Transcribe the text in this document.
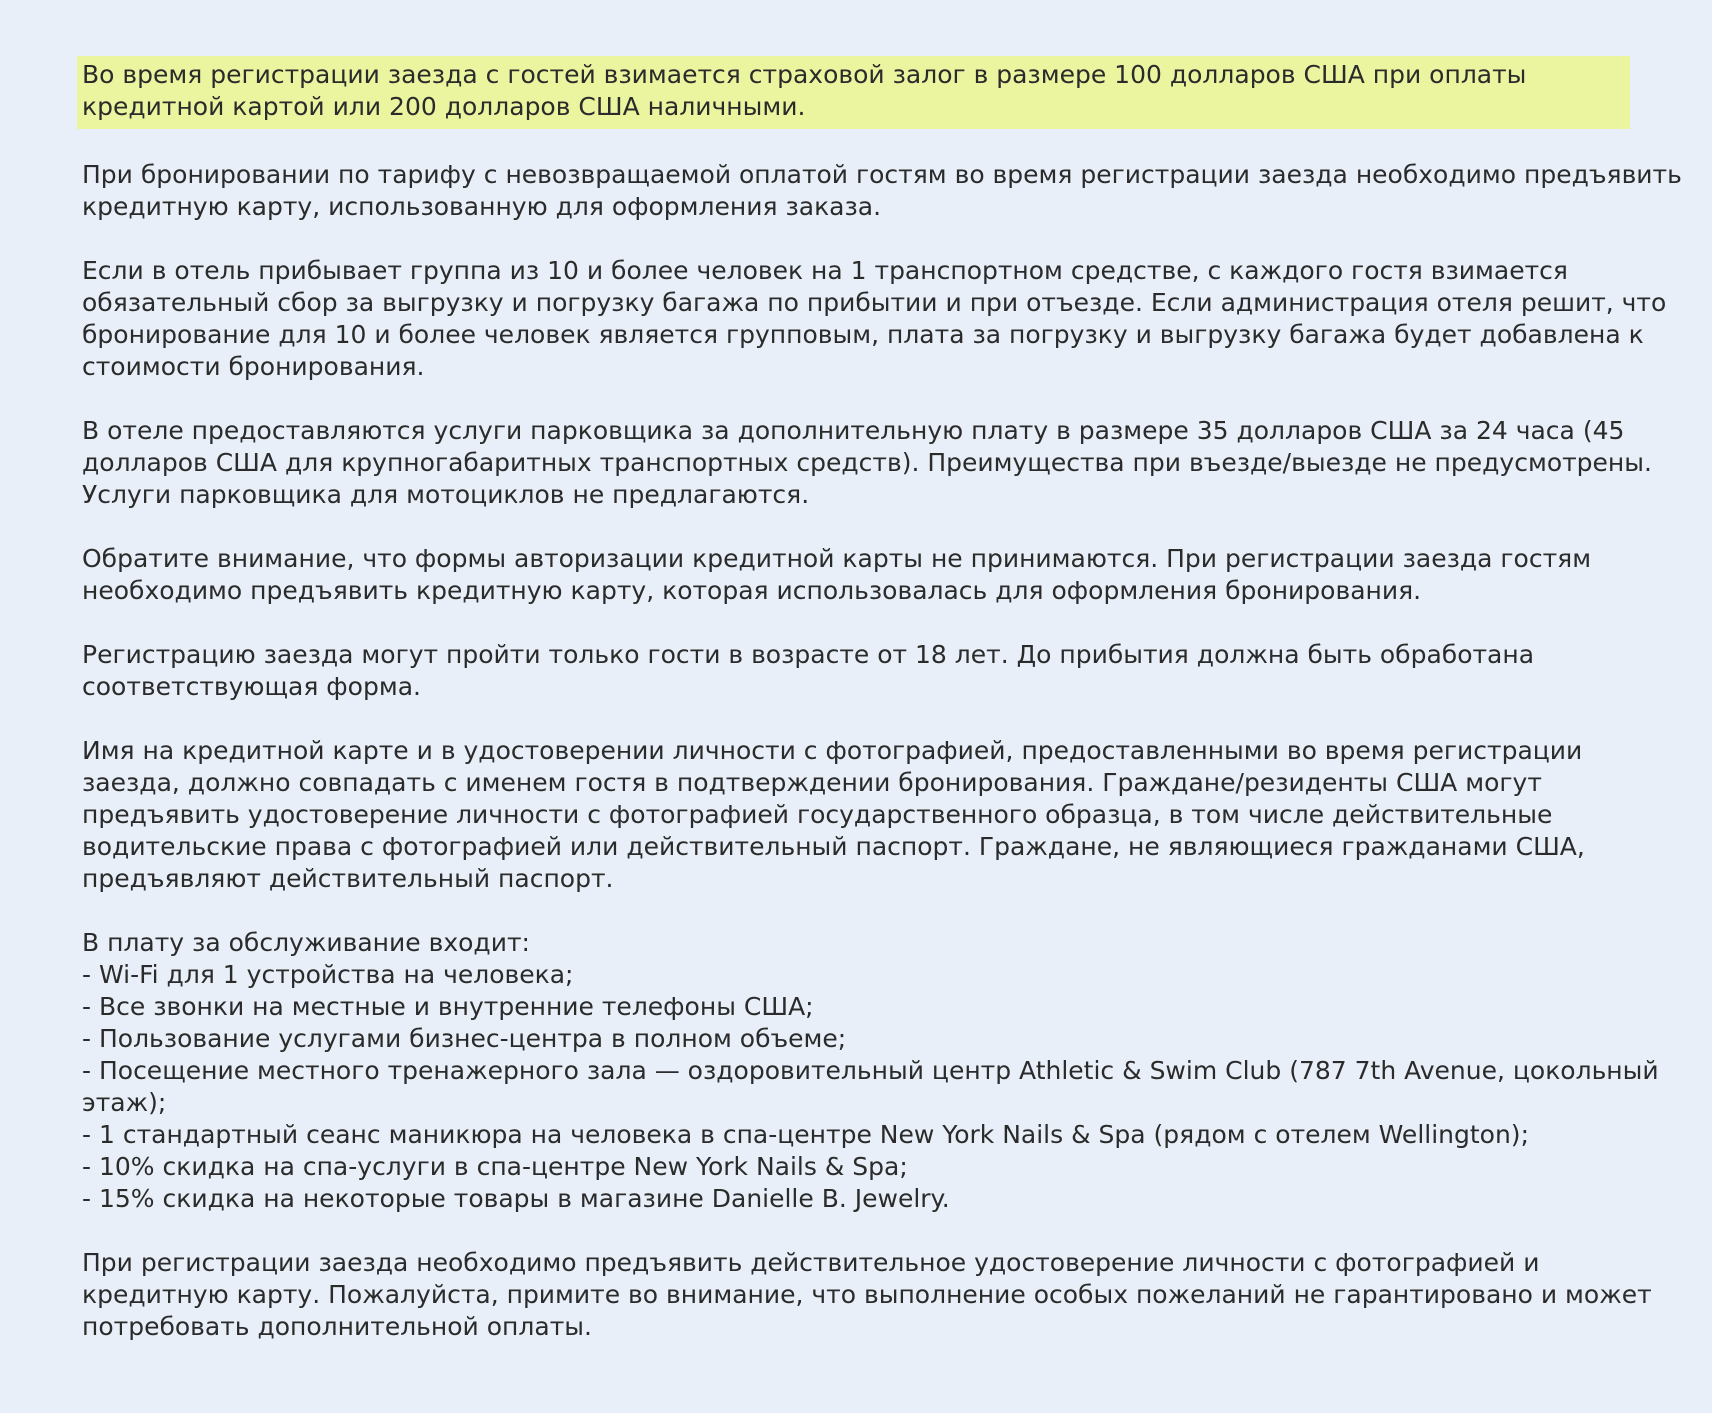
Во время регистрации заезда с гостей взимается страховой залог в размере 100 долларов США при оплаты кредитной картой или 200 долларов США наличными.

При бронировании по тарифу с невозвращаемой оплатой гостям во время регистрации заезда необходимо предъявить кредитную карту, использованную для оформления заказа.

Если в отель прибывает группа из 10 и более человек на 1 транспортном средстве, с каждого гостя взимается обязательный сбор за выгрузку и погрузку багажа по прибытии и при отъезде. Если администрация отеля решит, что бронирование для 10 и более человек является групповым, плата за погрузку и выгрузку багажа будет добавлена к стоимости бронирования.

В отеле предоставляются услуги парковщика за дополнительную плату в размере 35 долларов США за 24 часа (45 долларов США для крупногабаритных транспортных средств). Преимущества при въезде/выезде не предусмотрены. Услуги парковщика для мотоциклов не предлагаются.

Обратите внимание, что формы авторизации кредитной карты не принимаются. При регистрации заезда гостям необходимо предъявить кредитную карту, которая использовалась для оформления бронирования.

Регистрацию заезда могут пройти только гости в возрасте от 18 лет. До прибытия должна быть обработана соответствующая форма.

Имя на кредитной карте и в удостоверении личности с фотографией, предоставленными во время регистрации заезда, должно совпадать с именем гостя в подтверждении бронирования. Граждане/резиденты США могут предъявить удостоверение личности с фотографией государственного образца, в том числе действительные водительские права с фотографией или действительный паспорт. Граждане, не являющиеся гражданами США, предъявляют действительный паспорт.

В плату за обслуживание входит:

- Wi-Fi для 1 устройства на человека;
- Все звонки на местные и внутренние телефоны США;
- Пользование услугами бизнес-центра в полном объеме;
- Посещение местного тренажерного зала — оздоровительный центр Athletic & Swim Club (787 7th Avenue, цокольный этаж);
- 1 стандартный сеанс маникюра на человека в спа-центре New York Nails & Spa (рядом с отелем Wellington);
- 10% скидка на спа-услуги в спа-центре New York Nails & Spa;
- 15% скидка на некоторые товары в магазине Danielle B. Jewelry.

При регистрации заезда необходимо предъявить действительное удостоверение личности с фотографией и кредитную карту. Пожалуйста, примите во внимание, что выполнение особых пожеланий не гарантировано и может потребовать дополнительной оплаты.
